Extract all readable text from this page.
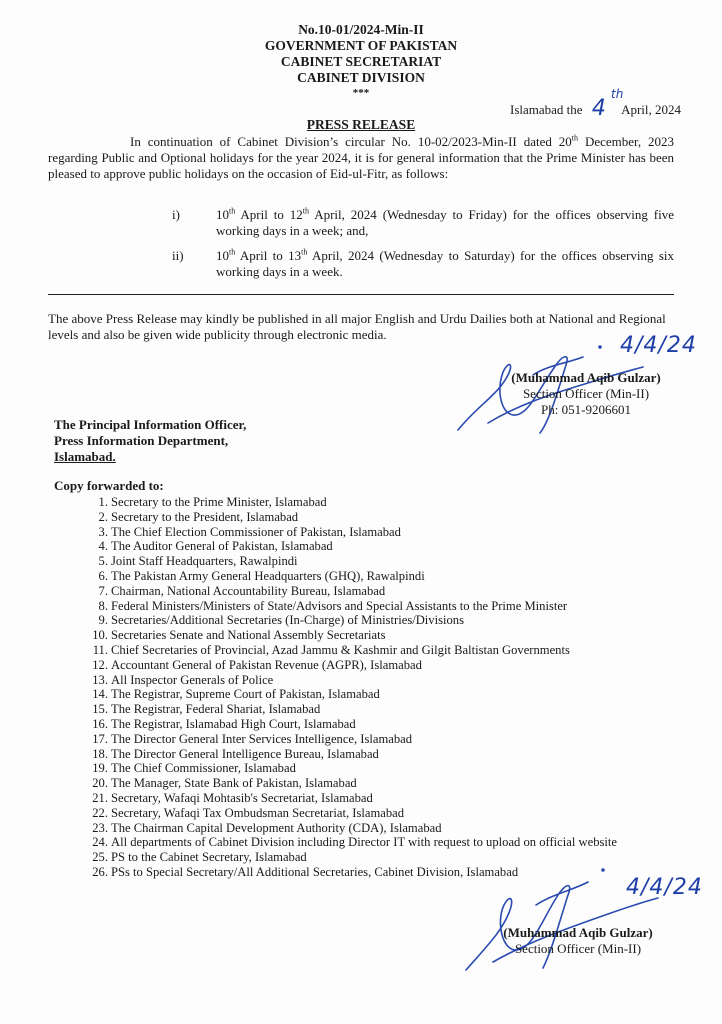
No.10-01/2024-Min-II
GOVERNMENT OF PAKISTAN
CABINET SECRETARIAT
CABINET DIVISION
***
Islamabad the 4
th
April, 2024
PRESS RELEASE

In continuation of Cabinet Division’s circular No. 10-02/2023-Min-II dated 20th December, 2023 regarding Public and Optional holidays for the year 2024, it is for general information that the Prime Minister has been pleased to approve public holidays on the occasion of Eid-ul-Fitr, as follows:

i)	10th April to 12th April, 2024 (Wednesday to Friday) for the offices observing five working days in a week; and,

ii) 10th April to 13th April, 2024 (Wednesday to Saturday) for the offices observing six working days in a week.

The above Press Release may kindly be published in all major English and Urdu Dailies both at National and Regional levels and also be given wide publicity through electronic media.	4/4/24
(Muhammad Aqib Gulzar)
Section Officer (Min-II)
Ph: 051-9206601
The Principal Information Officer,
Press Information Department,
Islamabad.
Copy forwarded to:
1. Secretary to the Prime Minister, Islamabad
2. Secretary to the President, Islamabad
3. The Chief Election Commissioner of Pakistan, Islamabad
4. The Auditor General of Pakistan, Islamabad
5. Joint Staff Headquarters, Rawalpindi
6. The Pakistan Army General Headquarters (GHQ), Rawalpindi
7. Chairman, National Accountability Bureau, Islamabad
8. Federal Ministers/Ministers of State/Advisors and Special Assistants to the Prime Minister
9. Secretaries/Additional Secretaries (In-Charge) of Ministries/Divisions
10. Secretaries Senate and National Assembly Secretariats
11. Chief Secretaries of Provincial, Azad Jammu & Kashmir and Gilgit Baltistan Governments
12. Accountant General of Pakistan Revenue (AGPR), Islamabad
13. All Inspector Generals of Police
14. The Registrar, Supreme Court of Pakistan, Islamabad
15. The Registrar, Federal Shariat, Islamabad
16. The Registrar, Islamabad High Court, Islamabad
17. The Director General Inter Services Intelligence, Islamabad
18. The Director General Intelligence Bureau, Islamabad
19. The Chief Commissioner, Islamabad
20. The Manager, State Bank of Pakistan, Islamabad
21. Secretary, Wafaqi Mohtasib's Secretariat, Islamabad
22. Secretary, Wafaqi Tax Ombudsman Secretariat, Islamabad
23. The Chairman Capital Development Authority (CDA), Islamabad
24. All departments of Cabinet Division including Director IT with request to upload on official website
25. PS to the Cabinet Secretary, Islamabad
26. PSs to Special Secretary/All Additional Secretaries, Cabinet Division, Islamabad
4/4/24
(Muhammad Aqib Gulzar)
Section Officer (Min-II)
